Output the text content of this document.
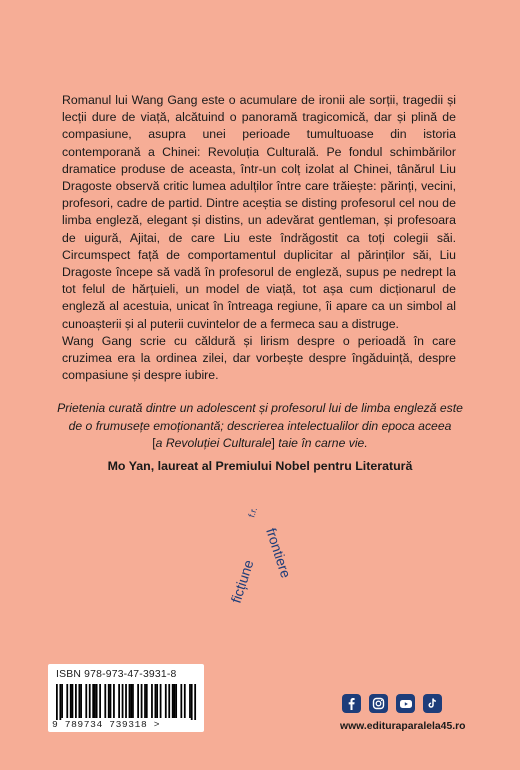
Romanul lui Wang Gang este o acumulare de ironii ale sorții, tragedii și lecții dure de viață, alcătuind o panoramă tragicomică, dar și plină de compasiune, asupra unei perioade tumultuoase din istoria contemporană a Chinei: Revoluția Culturală. Pe fondul schimbărilor dramatice produse de aceasta, într-un colț izolat al Chinei, tânărul Liu Dragoste observă critic lumea adulților între care trăiește: părinți, vecini, profesori, cadre de partid. Dintre aceștia se disting profesorul cel nou de limba engleză, elegant și distins, un adevărat gentleman, și profesoara de uigură, Ajitai, de care Liu este îndrăgostit ca toți colegii săi. Circumspect față de comportamentul duplicitar al părinților săi, Liu Dragoste începe să vadă în profesorul de engleză, supus pe nedrept la tot felul de hărțuieli, un model de viață, tot așa cum dicționarul de engleză al acestuia, unicat în întreaga regiune, îi apare ca un simbol al cunoașterii și al puterii cuvintelor de a fermeca sau a distruge.

Wang Gang scrie cu căldură și lirism despre o perioadă în care cruzimea era la ordinea zilei, dar vorbește despre îngăduință, despre compasiune și despre iubire.

Prietenia curată dintre un adolescent și profesorul lui de limba engleză este de o frumusețe emoționantă; descrierea intelectualilor din epoca aceea
[a Revoluției Culturale] taie în carne vie.

Mo Yan, laureat al Premiului Nobel pentru Literatură
ficțiune
frontiere
f.r.
ISBN 978-973-47-3931-8
9 789734 739318 >	www.edituraparalela45.ro
